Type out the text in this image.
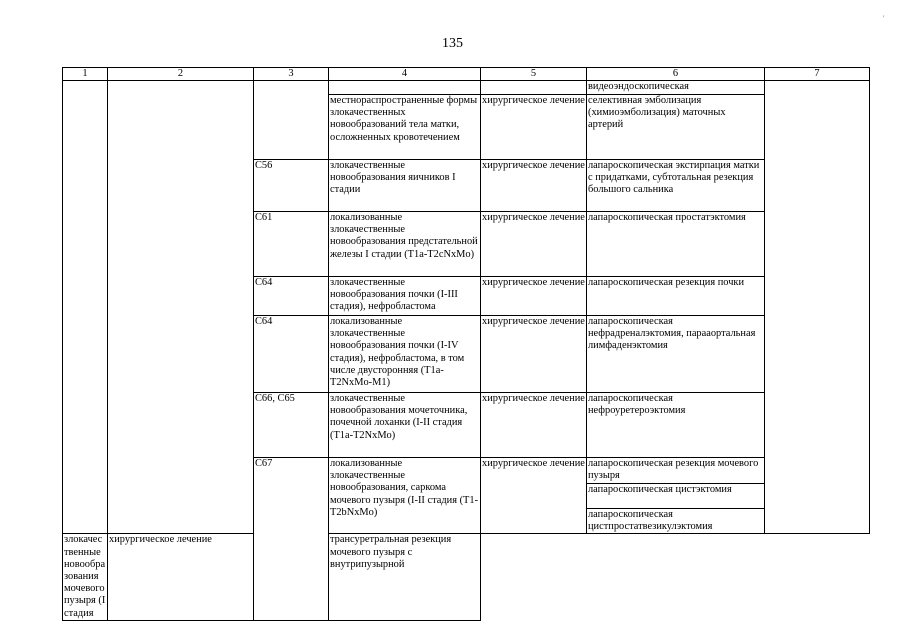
135
'
1	2	3	4	5	6	7
					видеоэндоскопическая	
			местнораспространенные формы злокачественных новообразований тела матки, осложненных кровотечением	хирургическое лечение	селективная эмболизация (химиоэмболизация) маточных артерий	
		C56	злокачественные новообразования яичников I стадии	хирургическое лечение	лапароскопическая экстирпация матки с придатками, субтотальная резекция большого сальника	
		C61	локализованные злокачественные новообразования предстательной железы I стадии (T1a-T2cNxMo)	хирургическое лечение	лапароскопическая простатэктомия	
		C64	злокачественные новообразования почки (I-III стадия), нефробластома	хирургическое лечение	лапароскопическая резекция почки	
		C64	локализованные злокачественные новообразования почки (I-IV стадия), нефробластома, в том числе двусторонняя (T1a-T2NxMo-M1)	хирургическое лечение	лапароскопическая нефрадреналэктомия, парааортальная лимфаденэктомия	
		C66, C65	злокачественные новообразования мочеточника, почечной лоханки (I-II стадия (T1a-T2NxMo)	хирургическое лечение	лапароскопическая нефроуретероэктомия	
		C67	локализованные злокачественные новообразования, саркома мочевого пузыря (I-II стадия (T1-T2bNxMo)	хирургическое лечение	лапароскопическая резекция мочевого пузыря	
					лапароскопическая цистэктомия	
					лапароскопическая цистпростатвезикулэктомия	
злокачественные новообразования мочевого пузыря (I стадия	хирургическое лечение		трансуретральная резекция мочевого пузыря с внутрипузырной			
